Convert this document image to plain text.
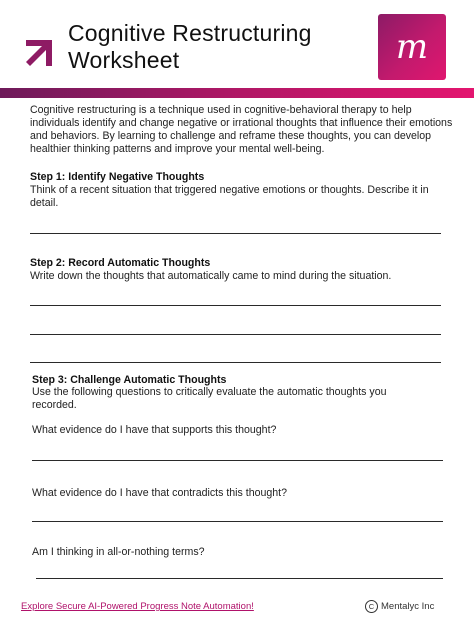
Cognitive Restructuring
Worksheet	m

Cognitive restructuring is a technique used in cognitive-behavioral therapy to help individuals identify and change negative or irrational thoughts that influence their emotions and behaviors. By learning to challenge and reframe these thoughts, you can develop healthier thinking patterns and improve your mental well-being.

Step 1: Identify Negative Thoughts

Think of a recent situation that triggered negative emotions or thoughts. Describe it in detail.

Step 2: Record Automatic Thoughts

Write down the thoughts that automatically came to mind during the situation.

Step 3: Challenge Automatic Thoughts

Use the following questions to critically evaluate the automatic thoughts you recorded.

What evidence do I have that supports this thought?

What evidence do I have that contradicts this thought?

Am I thinking in all-or-nothing terms?

Explore Secure AI-Powered Progress Note Automation!	C Mentalyc Inc
